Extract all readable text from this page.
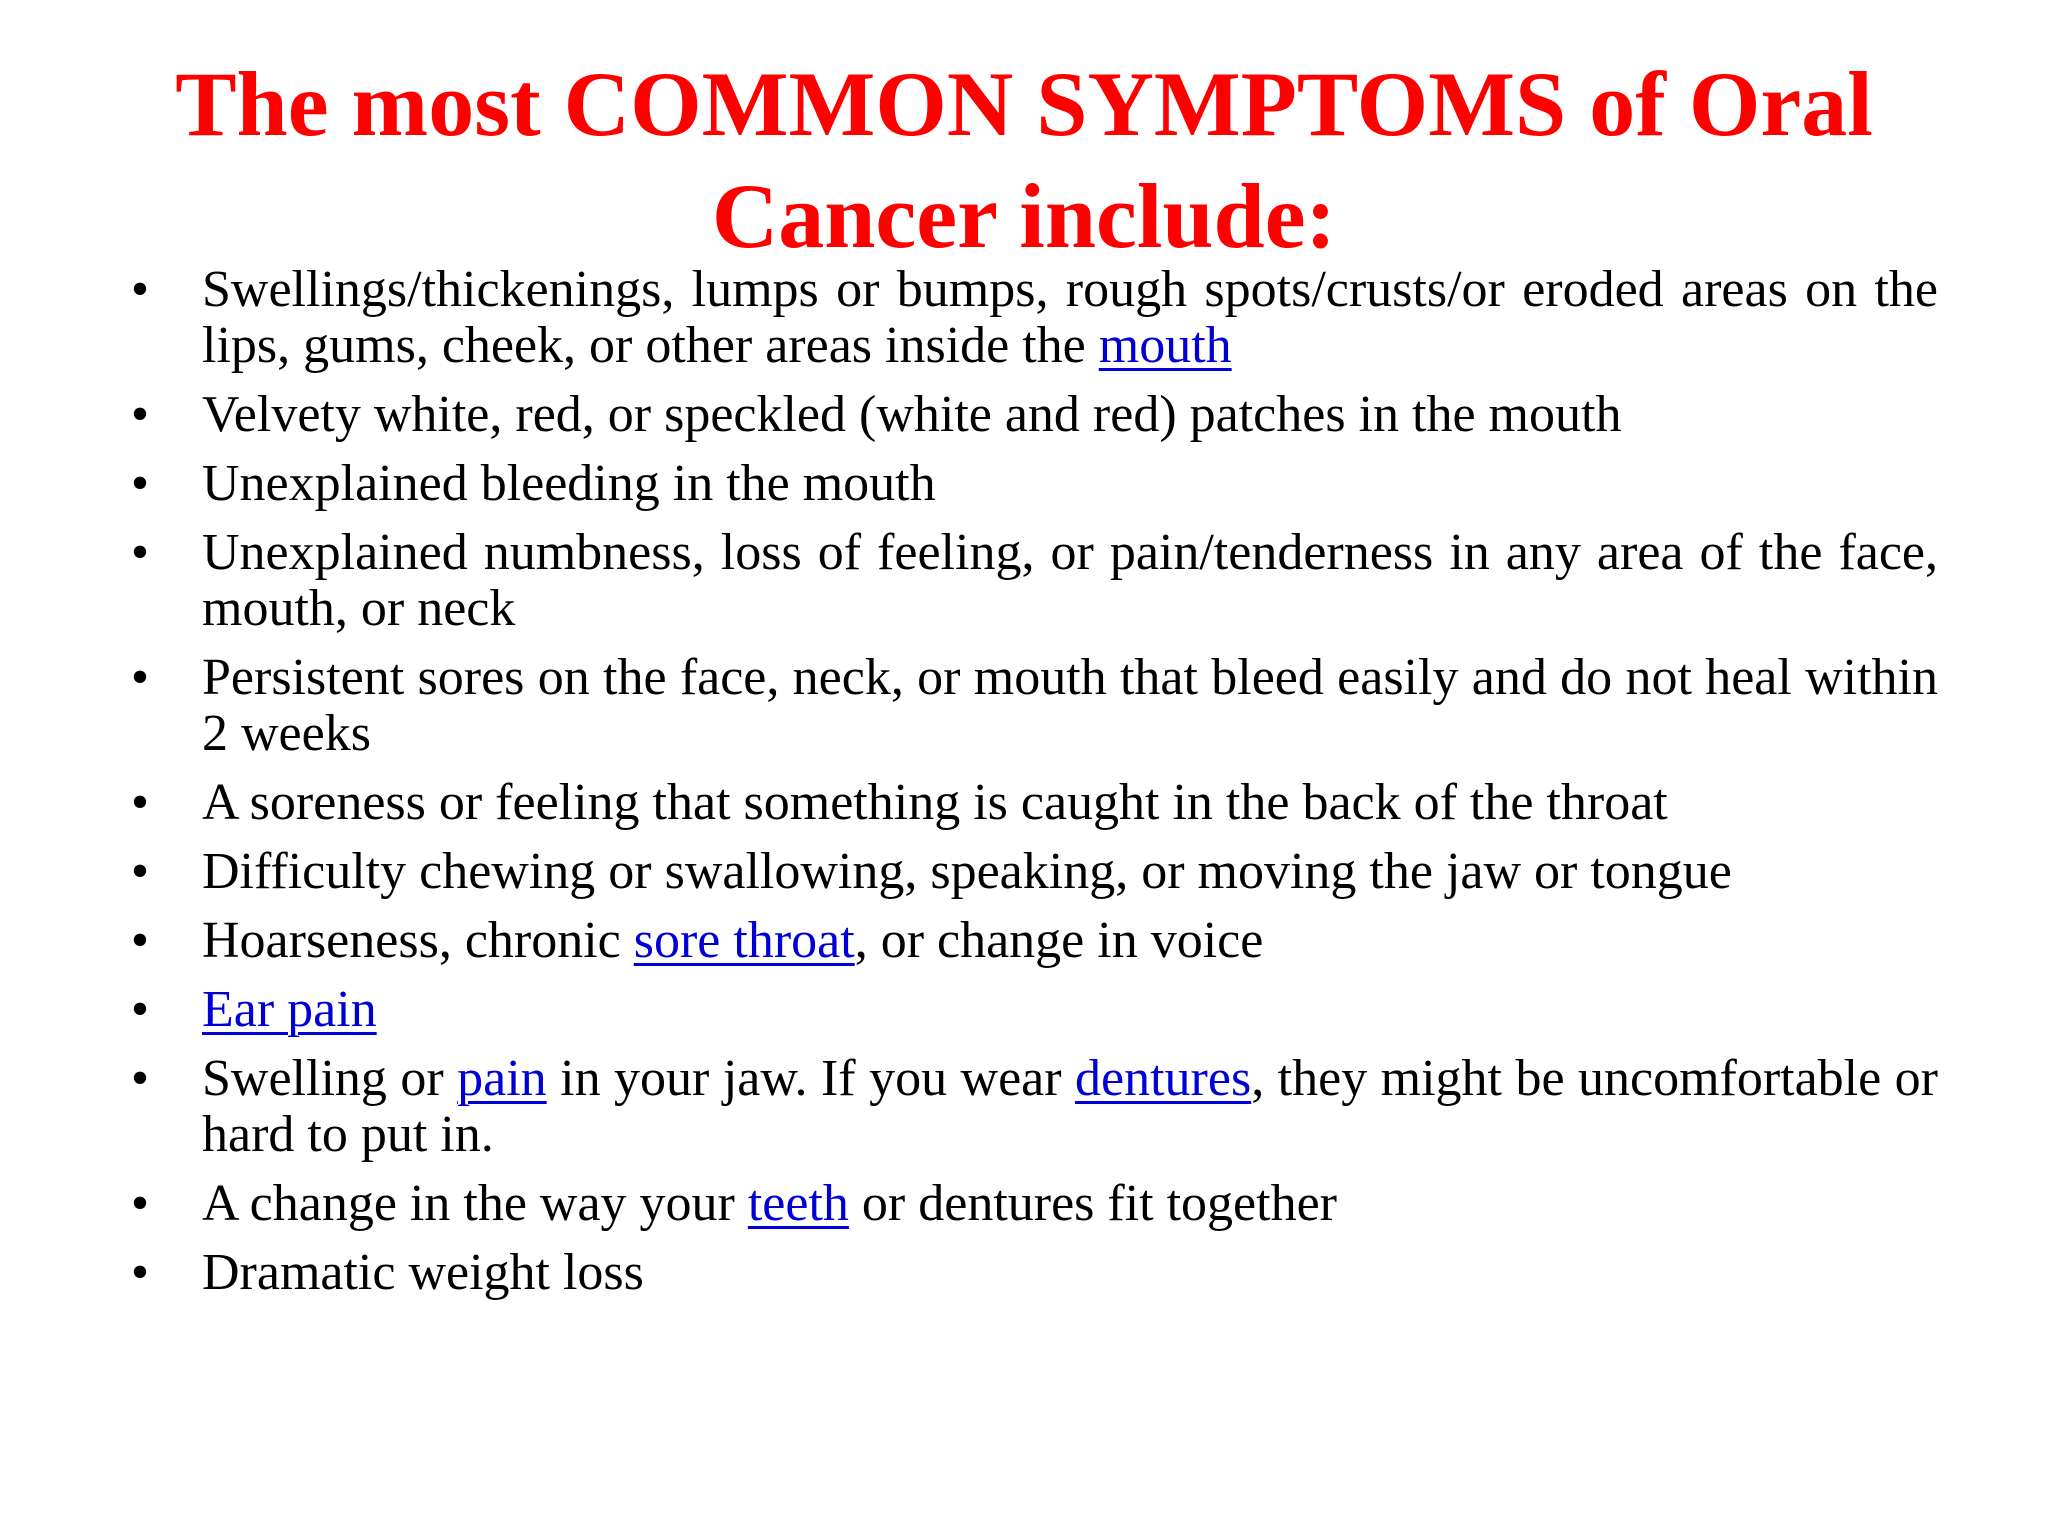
The most COMMON SYMPTOMS of Oral Cancer include:
• Swellings/thickenings, lumps or bumps, rough spots/crusts/or eroded areas on the lips, gums, cheek, or other areas inside the mouth
• Velvety white, red, or speckled (white and red) patches in the mouth
• Unexplained bleeding in the mouth
• Unexplained numbness, loss of feeling, or pain/tenderness in any area of the face, mouth, or neck
• Persistent sores on the face, neck, or mouth that bleed easily and do not heal within 2 weeks
• A soreness or feeling that something is caught in the back of the throat
• Difficulty chewing or swallowing, speaking, or moving the jaw or tongue
• Hoarseness, chronic sore throat, or change in voice
• Ear pain
• Swelling or pain in your jaw. If you wear dentures, they might be uncomfortable or hard to put in.
• A change in the way your teeth or dentures fit together
• Dramatic weight loss
